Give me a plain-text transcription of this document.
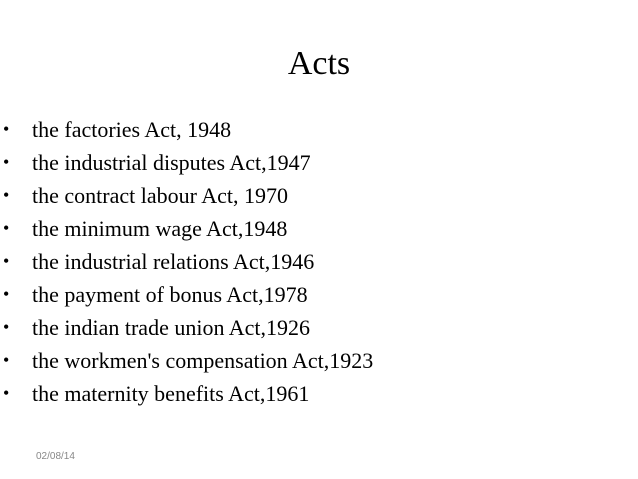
Acts
• the factories Act, 1948
• the industrial disputes Act,1947
• the contract labour Act, 1970
• the minimum wage Act,1948
• the industrial relations Act,1946
• the payment of bonus Act,1978
• the indian trade union Act,1926
• the workmen's compensation Act,1923
• the maternity benefits Act,1961
02/08/14
